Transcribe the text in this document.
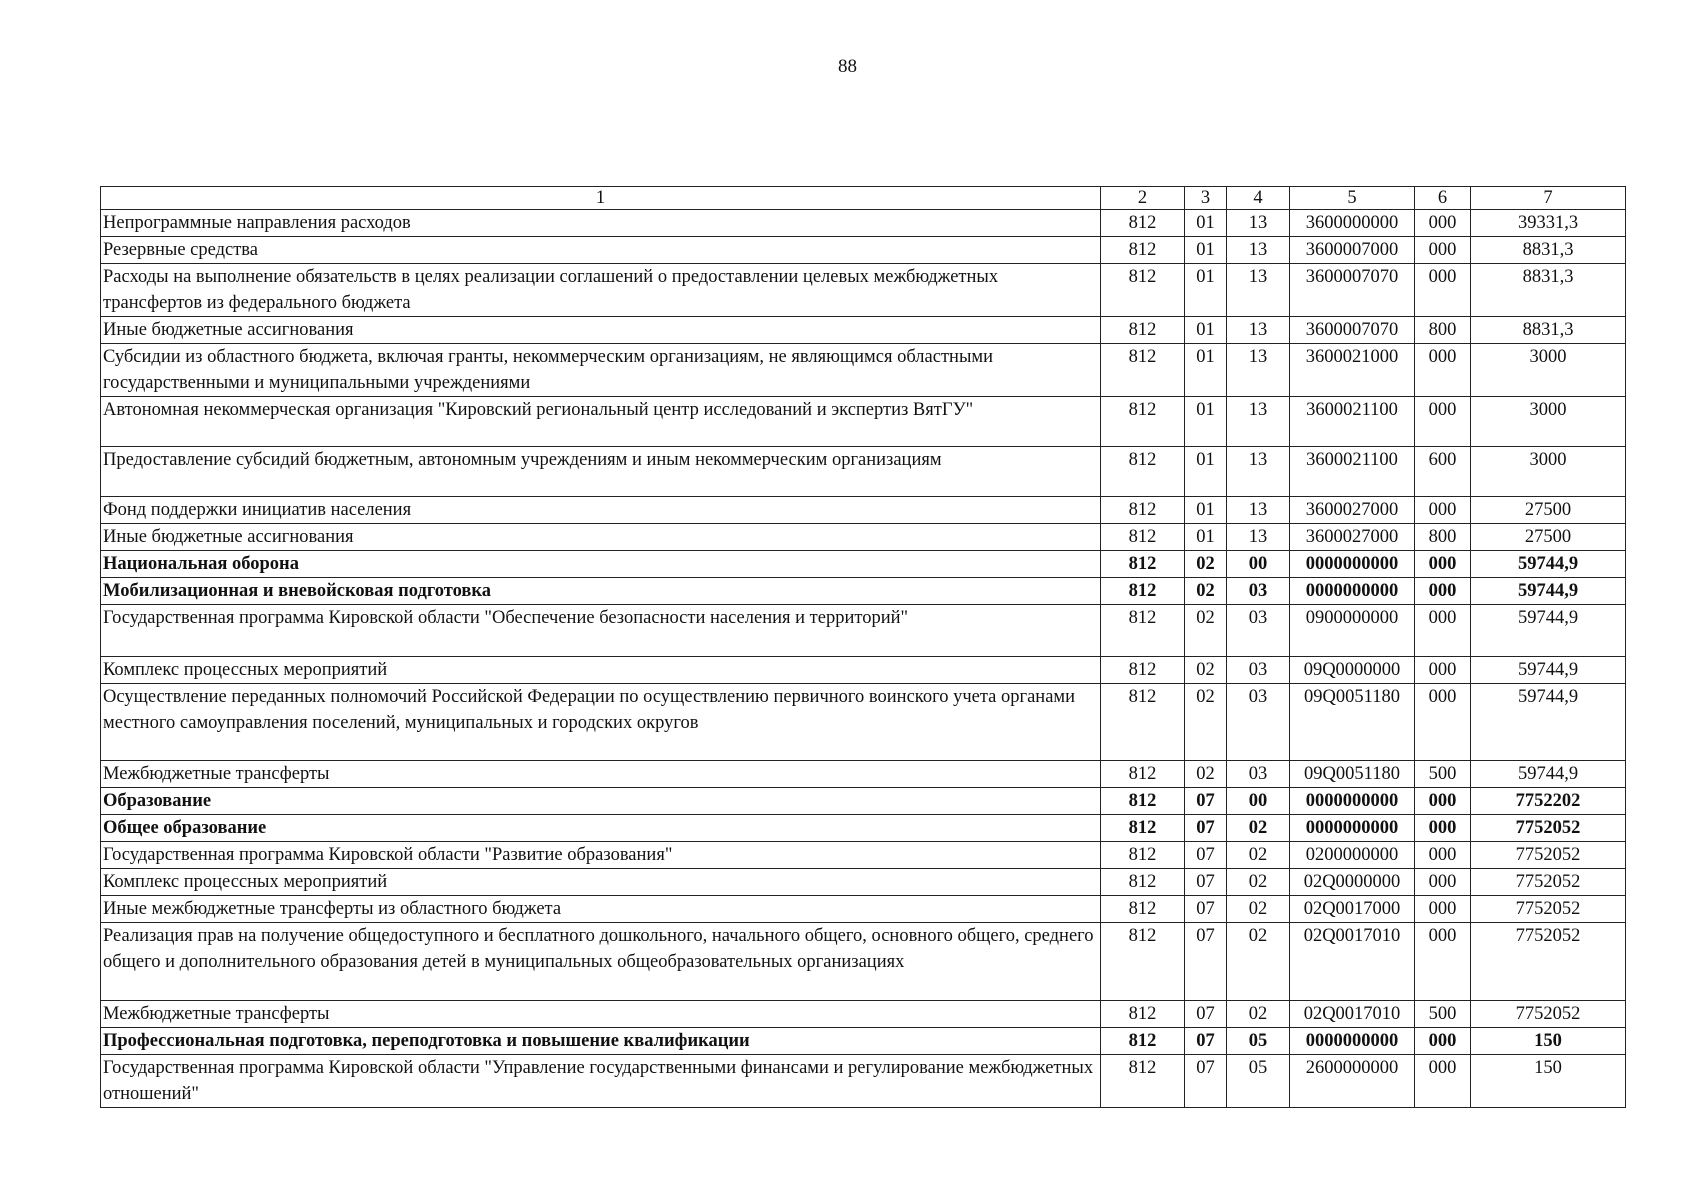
88
1	2	3	4	5	6	7
Непрограммные направления расходов	812	01	13	3600000000	000	39331,3
Резервные средства	812	01	13	3600007000	000	8831,3
Расходы на выполнение обязательств в целях реализации соглашений о предоставлении целевых межбюджетных трансфертов из федерального бюджета	812	01	13	3600007070	000	8831,3
Иные бюджетные ассигнования	812	01	13	3600007070	800	8831,3
Субсидии из областного бюджета, включая гранты, некоммерческим организациям, не являющимся областными государственными и муниципальными учреждениями	812	01	13	3600021000	000	3000
Автономная некоммерческая организация "Кировский региональный центр исследований и экспертиз ВятГУ"	812	01	13	3600021100	000	3000
Предоставление субсидий бюджетным, автономным учреждениям и иным некоммерческим организациям	812	01	13	3600021100	600	3000
Фонд поддержки инициатив населения	812	01	13	3600027000	000	27500
Иные бюджетные ассигнования	812	01	13	3600027000	800	27500
Национальная оборона	812	02	00	0000000000	000	59744,9
Мобилизационная и вневойсковая подготовка	812	02	03	0000000000	000	59744,9
Государственная программа Кировской области "Обеспечение безопасности населения и территорий"	812	02	03	0900000000	000	59744,9
Комплекс процессных мероприятий	812	02	03	09Q0000000	000	59744,9
Осуществление переданных полномочий Российской Федерации по осуществлению первичного воинского учета органами местного самоуправления поселений, муниципальных и городских округов	812	02	03	09Q0051180	000	59744,9
Межбюджетные трансферты	812	02	03	09Q0051180	500	59744,9
Образование	812	07	00	0000000000	000	7752202
Общее образование	812	07	02	0000000000	000	7752052
Государственная программа Кировской области "Развитие образования"	812	07	02	0200000000	000	7752052
Комплекс процессных мероприятий	812	07	02	02Q0000000	000	7752052
Иные межбюджетные трансферты из областного бюджета	812	07	02	02Q0017000	000	7752052
Реализация прав на получение общедоступного и бесплатного дошкольного, начального общего, основного общего, среднего общего и дополнительного образования детей в муниципальных общеобразовательных организациях	812	07	02	02Q0017010	000	7752052
Межбюджетные трансферты	812	07	02	02Q0017010	500	7752052
Профессиональная подготовка, переподготовка и повышение квалификации	812	07	05	0000000000	000	150
Государственная программа Кировской области "Управление государственными финансами и регулирование межбюджетных отношений"	812	07	05	2600000000	000	150
